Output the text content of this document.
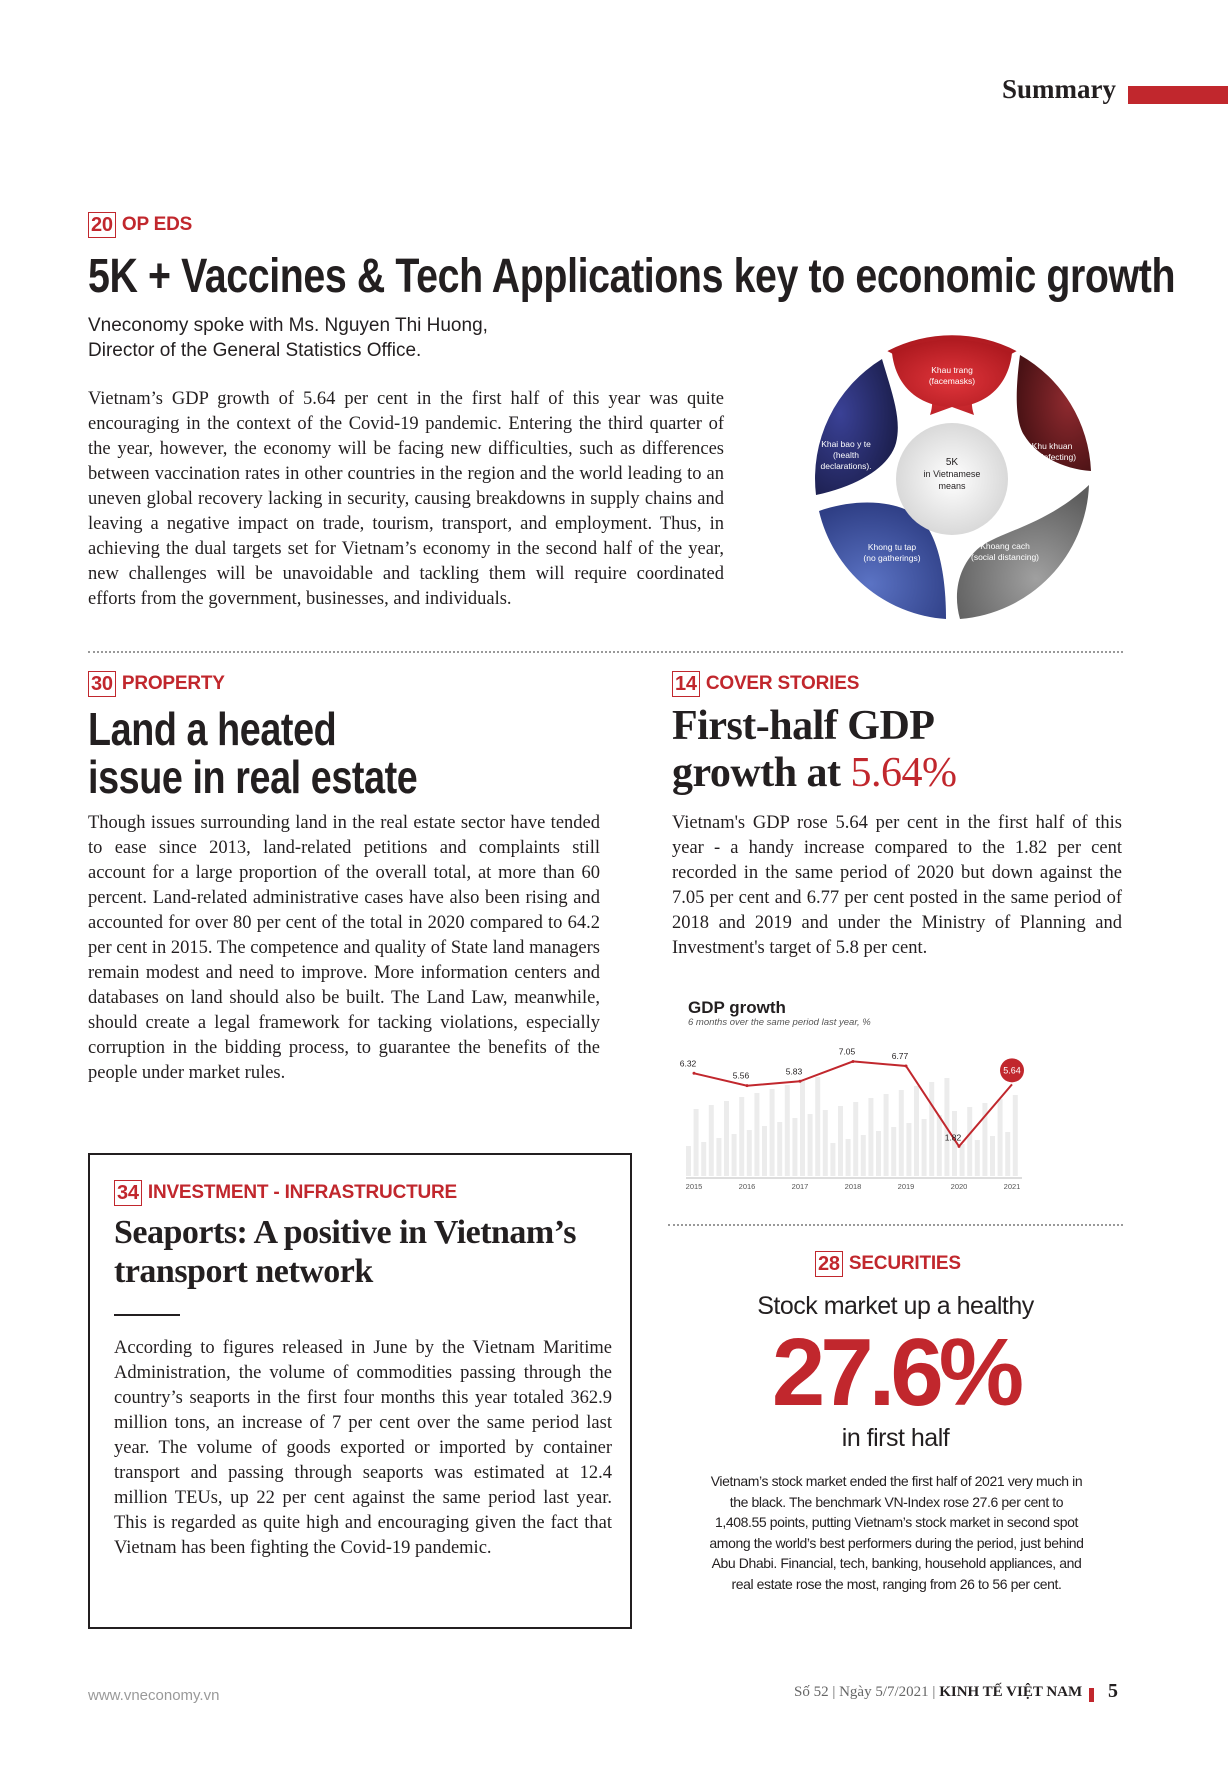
Summary
20 OP EDS
5K + Vaccines & Tech Applications key to economic growth
Vneconomy spoke with Ms. Nguyen Thi Huong,
Director of the General Statistics Office.
Vietnam’s GDP growth of 5.64 per cent in the first half of this year was quite encouraging in the context of the Covid-19 pandemic. Entering the third quarter of the year, however, the economy will be facing new difficulties, such as differences between vaccination rates in other countries in the region and the world leading to an uneven global recovery lacking in security, causing breakdowns in supply chains and leaving a negative impact on trade, tourism, transport, and employment. Thus, in achieving the dual targets set for Vietnam’s economy in the second half of the year, new challenges will be unavoidable and tackling them will require coordinated efforts from the government, businesses, and individuals.
5K
in Vietnamese
means
Khau trang
(facemasks)
Khu khuan
(disinfecting)
Khoang cach
(social distancing)
Khong tu tap
(no gatherings)
Khai bao y te
(health
declarations).
30 PROPERTY
Land a heated
issue in real estate
Though issues surrounding land in the real estate sector have tended to ease since 2013, land-related petitions and complaints still account for a large proportion of the overall total, at more than 60 percent. Land-related administrative cases have also been rising and accounted for over 80 per cent of the total in 2020 compared to 64.2 per cent in 2015. The competence and quality of State land managers remain modest and need to improve. More information centers and databases on land should also be built. The Land Law, meanwhile, should create a legal framework for tacking violations, especially corruption in the bidding process, to guarantee the benefits of the people under market rules.
14 COVER STORIES
First-half GDP
growth at 5.64%
Vietnam's GDP rose 5.64 per cent in the first half of this year - a handy increase compared to the 1.82 per cent recorded in the same period of 2020 but down against the 7.05 per cent and 6.77 per cent posted in the same period of 2018 and 2019 and under the Ministry of Planning and Investment's target of 5.8 per cent.
GDP growth
6 months over the same period last year, %
6.32
2015
5.56
2016
5.83
2017
7.05
2018
6.77
2019
1.82
2020
5.64
2021
34 INVESTMENT - INFRASTRUCTURE
Seaports: A positive in Vietnam’s
transport network
According to figures released in June by the Vietnam Maritime Administration, the volume of commodities passing through the country’s seaports in the first four months this year totaled 362.9 million tons, an increase of 7 per cent over the same period last year. The volume of goods exported or imported by container transport and passing through seaports was estimated at 12.4 million TEUs, up 22 per cent against the same period last year. This is regarded as quite high and encouraging given the fact that Vietnam has been fighting the Covid-19 pandemic.
28 SECURITIES
Stock market up a healthy
27.6%
in first half
Vietnam’s stock market ended the first half of 2021 very much in the black. The benchmark VN-Index rose 27.6 per cent to 1,408.55 points, putting Vietnam’s stock market in second spot among the world’s best performers during the period, just behind Abu Dhabi. Financial, tech, banking, household appliances, and real estate rose the most, ranging from 26 to 56 per cent.
www.vneconomy.vn	Số 52 | Ngày 5/7/2021 | KINH TẾ VIỆT NAM 5
